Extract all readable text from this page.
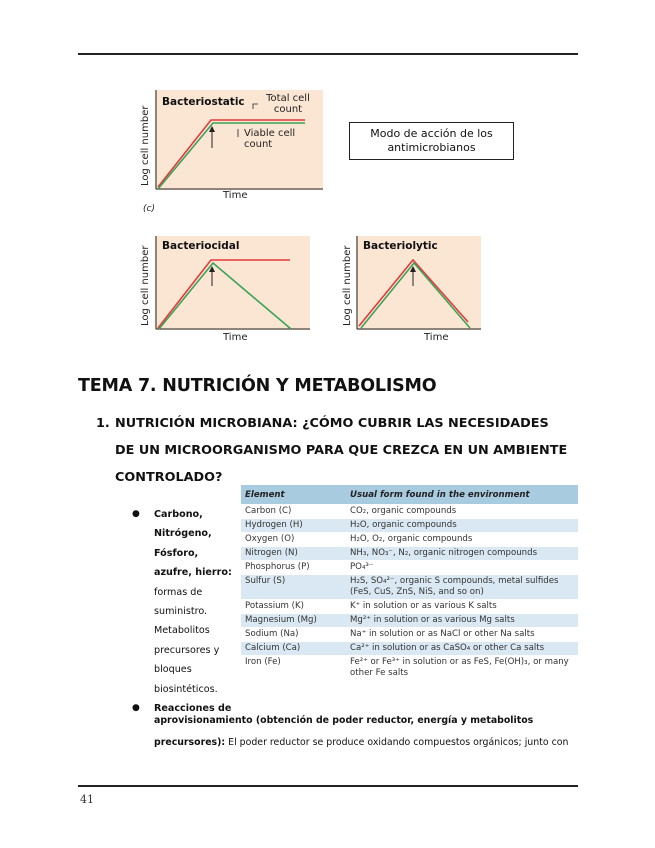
Bacteriostatic	Total cell count
Viable cell count
Log cell number
Time
(c)
Modo de acción de los
antimicrobianos
Bacteriocidal
Log cell number
Time
Bacteriolytic
Log cell number
Time
TEMA 7. NUTRICIÓN Y METABOLISMO
1. NUTRICIÓN MICROBIANA: ¿CÓMO CUBRIR LAS NECESIDADES
DE UN MICROORGANISMO PARA QUE CREZCA EN UN AMBIENTE
CONTROLADO?
● Carbono,
Nitrógeno,
Fósforo,
azufre, hierro:
formas de
suministro.
Metabolitos
precursores y
bloques
biosintéticos.
● Reacciones de
Element	Usual form found in the environment
Carbon (C)	CO₂, organic compounds
Hydrogen (H)	H₂O, organic compounds
Oxygen (O)	H₂O, O₂, organic compounds
Nitrogen (N)	NH₃, NO₃⁻, N₂, organic nitrogen compounds
Phosphorus (P)	PO₄³⁻
Sulfur (S)	H₂S, SO₄²⁻, organic S compounds, metal sulfides (FeS, CuS, ZnS, NiS, and so on)
Potassium (K)	K⁺ in solution or as various K salts
Magnesium (Mg)	Mg²⁺ in solution or as various Mg salts
Sodium (Na)	Na⁺ in solution or as NaCl or other Na salts
Calcium (Ca)	Ca²⁺ in solution or as CaSO₄ or other Ca salts
Iron (Fe)	Fe²⁺ or Fe³⁺ in solution or as FeS, Fe(OH)₃, or many other Fe salts
aprovisionamiento (obtención de poder reductor, energía y metabolitos
precursores): El poder reductor se produce oxidando compuestos orgánicos; junto con
41
